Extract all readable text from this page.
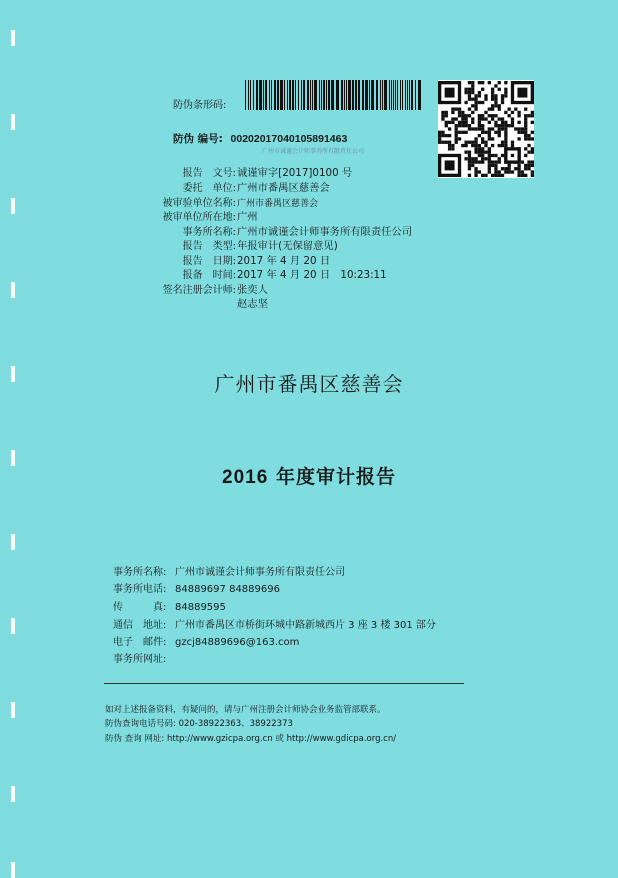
防伪条形码:
防伪 编号: 00202017040105891463
广州市诚谨会计师事务所有限责任公司
报告　文号:诚谨审字[2017]0100 号
委托　单位:广州市番禺区慈善会
被审验单位名称:广州市番禺区慈善会
被审单位所在地:广州
事务所名称:广州市诚谨会计师事务所有限责任公司
报告　类型:年报审计(无保留意见)
报告　日期:2017 年 4 月 20 日
报备　时间:2017 年 4 月 20 日　10:23:11
签名注册会计师:张奕人
赵志坚
广州市番禺区慈善会
2016 年度审计报告
事务所名称: 广州市诚谨会计师事务所有限责任公司
事务所电话: 84889697 84889696
传　　　真: 84889595
通信　地址: 广州市番禺区市桥街环城中路新城西片 3 座 3 楼 301 部分
电子　邮件: gzcj84889696@163.com
事务所网址:
如对上述报备资料，有疑问的，请与广州注册会计师协会业务监管部联系。
防伪查询电话号码: 020-38922363、38922373
防伪 查询 网址: http://www.gzicpa.org.cn 或 http://www.gdicpa.org.cn/
